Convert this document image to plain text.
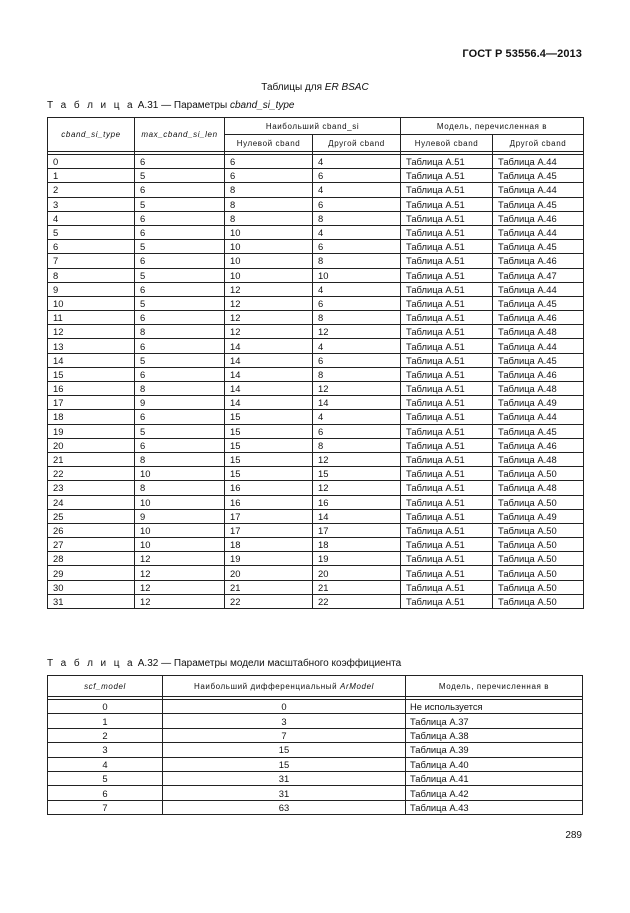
ГОСТ Р 53556.4—2013
Таблицы для ER BSAC
Т а б л и ц а А.31 — Параметры cband_si_type
cband_si_type	max_cband_si_len	Наибольший cband_si		Модель, перечисленная в	
		Нулевой cband	Другой cband	Нулевой cband	Другой cband

0	6	6	4	Таблица А.51	Таблица А.44
1	5	6	6	Таблица А.51	Таблица А.45
2	6	8	4	Таблица А.51	Таблица А.44
3	5	8	6	Таблица А.51	Таблица А.45
4	6	8	8	Таблица А.51	Таблица А.46
5	6	10	4	Таблица А.51	Таблица А.44
6	5	10	6	Таблица А.51	Таблица А.45
7	6	10	8	Таблица А.51	Таблица А.46
8	5	10	10	Таблица А.51	Таблица А.47
9	6	12	4	Таблица А.51	Таблица А.44
10	5	12	6	Таблица А.51	Таблица А.45
11	6	12	8	Таблица А.51	Таблица А.46
12	8	12	12	Таблица А.51	Таблица А.48
13	6	14	4	Таблица А.51	Таблица А.44
14	5	14	6	Таблица А.51	Таблица А.45
15	6	14	8	Таблица А.51	Таблица А.46
16	8	14	12	Таблица А.51	Таблица А.48
17	9	14	14	Таблица А.51	Таблица А.49
18	6	15	4	Таблица А.51	Таблица А.44
19	5	15	6	Таблица А.51	Таблица А.45
20	6	15	8	Таблица А.51	Таблица А.46
21	8	15	12	Таблица А.51	Таблица А.48
22	10	15	15	Таблица А.51	Таблица А.50
23	8	16	12	Таблица А.51	Таблица А.48
24	10	16	16	Таблица А.51	Таблица А.50
25	9	17	14	Таблица А.51	Таблица А.49
26	10	17	17	Таблица А.51	Таблица А.50
27	10	18	18	Таблица А.51	Таблица А.50
28	12	19	19	Таблица А.51	Таблица А.50
29	12	20	20	Таблица А.51	Таблица А.50
30	12	21	21	Таблица А.51	Таблица А.50
31	12	22	22	Таблица А.51	Таблица А.50
Т а б л и ц а А.32 — Параметры модели масштабного коэффициента
scf_model	Наибольший дифференциальный ArModel	Модель, перечисленная в

0	0	Не используется
1	3	Таблица А.37
2	7	Таблица А.38
3	15	Таблица А.39
4	15	Таблица А.40
5	31	Таблица А.41
6	31	Таблица А.42
7	63	Таблица А.43
289
